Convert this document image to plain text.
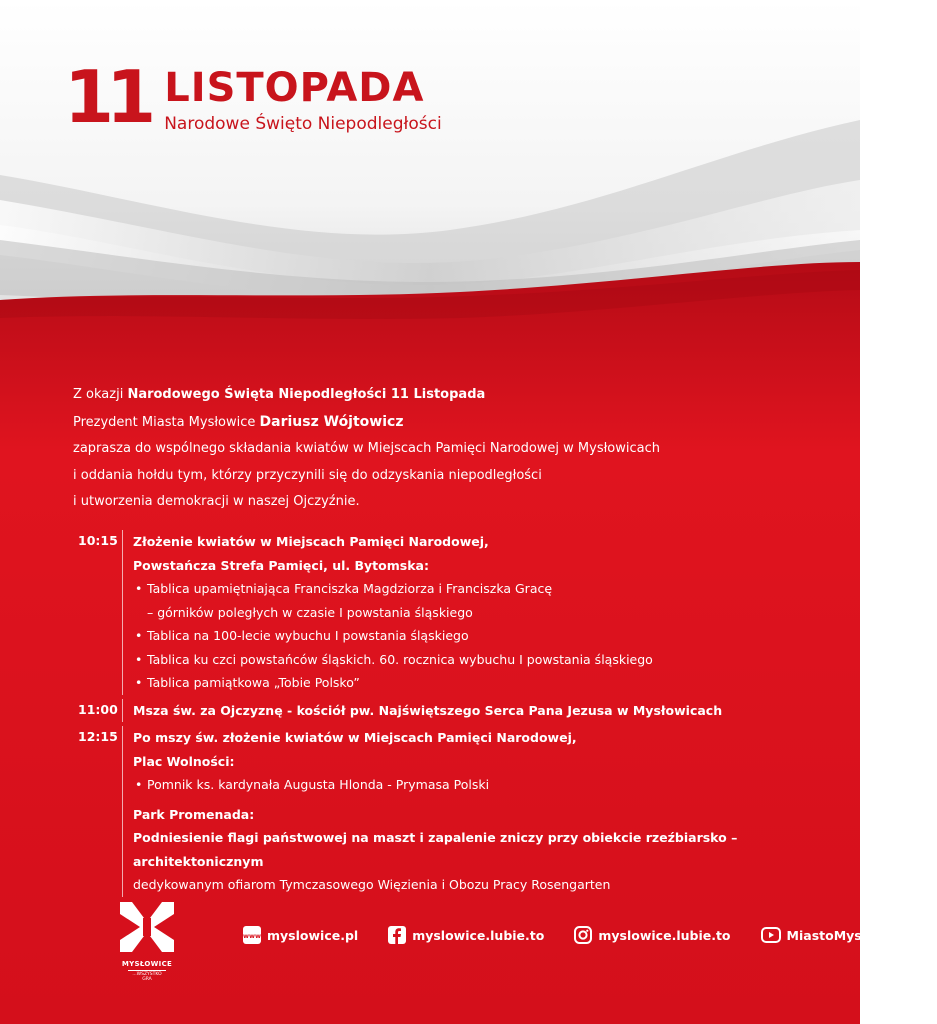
11 LISTOPADA
Narodowe Święto Niepodległości

Z okazji Narodowego Święta Niepodległości 11 Listopada

Prezydent Miasta Mysłowice Dariusz Wójtowicz

zaprasza do wspólnego składania kwiatów w Miejscach Pamięci Narodowej w Mysłowicach

i oddania hołdu tym, którzy przyczynili się do odzyskania niepodległości

i utworzenia demokracji w naszej Ojczyźnie.

10:15	Złożenie kwiatów w Miejscach Pamięci Narodowej,
Powstańcza Strefa Pamięci, ul. Bytomska:
• Tablica upamiętniająca Franciszka Magdziorza i Franciszka Gracę
– górników poległych w czasie I powstania śląskiego
• Tablica na 100-lecie wybuchu I powstania śląskiego
• Tablica ku czci powstańców śląskich. 60. rocznica wybuchu I powstania śląskiego
• Tablica pamiątkowa „Tobie Polsko”
11:00	Msza św. za Ojczyznę - kościół pw. Najświętszego Serca Pana Jezusa w Mysłowicach
12:15	Po mszy św. złożenie kwiatów w Miejscach Pamięci Narodowej,
Plac Wolności:
• Pomnik ks. kardynała Augusta Hlonda - Prymasa Polski
Park Promenada:
Podniesienie flagi państwowej na maszt i zapalenie zniczy przy obiekcie rzeźbiarsko – architektonicznym
dedykowanym ofiarom Tymczasowego Więzienia i Obozu Pracy Rosengarten
MYSŁOWICE
...WSZYSTKO GRA
www myslowice.pl	myslowice.lubie.to	myslowice.lubie.to	MiastoMysłowice
